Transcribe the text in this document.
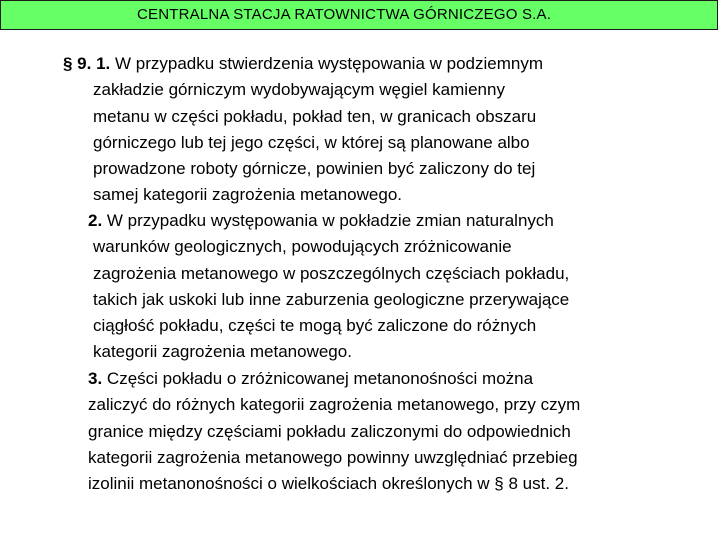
CENTRALNA STACJA RATOWNICTWA GÓRNICZEGO S.A.
§ 9. 1. W przypadku stwierdzenia występowania w podziemnym
zakładzie górniczym wydobywającym węgiel kamienny
metanu w części pokładu, pokład ten, w granicach obszaru
górniczego lub tej jego części, w której są planowane albo
prowadzone roboty górnicze, powinien być zaliczony do tej
samej kategorii zagrożenia metanowego.
2. W przypadku występowania w pokładzie zmian naturalnych
warunków geologicznych, powodujących zróżnicowanie
zagrożenia metanowego w poszczególnych częściach pokładu,
takich jak uskoki lub inne zaburzenia geologiczne przerywające
ciągłość pokładu, części te mogą być zaliczone do różnych
kategorii zagrożenia metanowego.
3. Części pokładu o zróżnicowanej metanonośności można
zaliczyć do różnych kategorii zagrożenia metanowego, przy czym
granice między częściami pokładu zaliczonymi do odpowiednich
kategorii zagrożenia metanowego powinny uwzględniać przebieg
izolinii metanonośności o wielkościach określonych w § 8 ust. 2.
